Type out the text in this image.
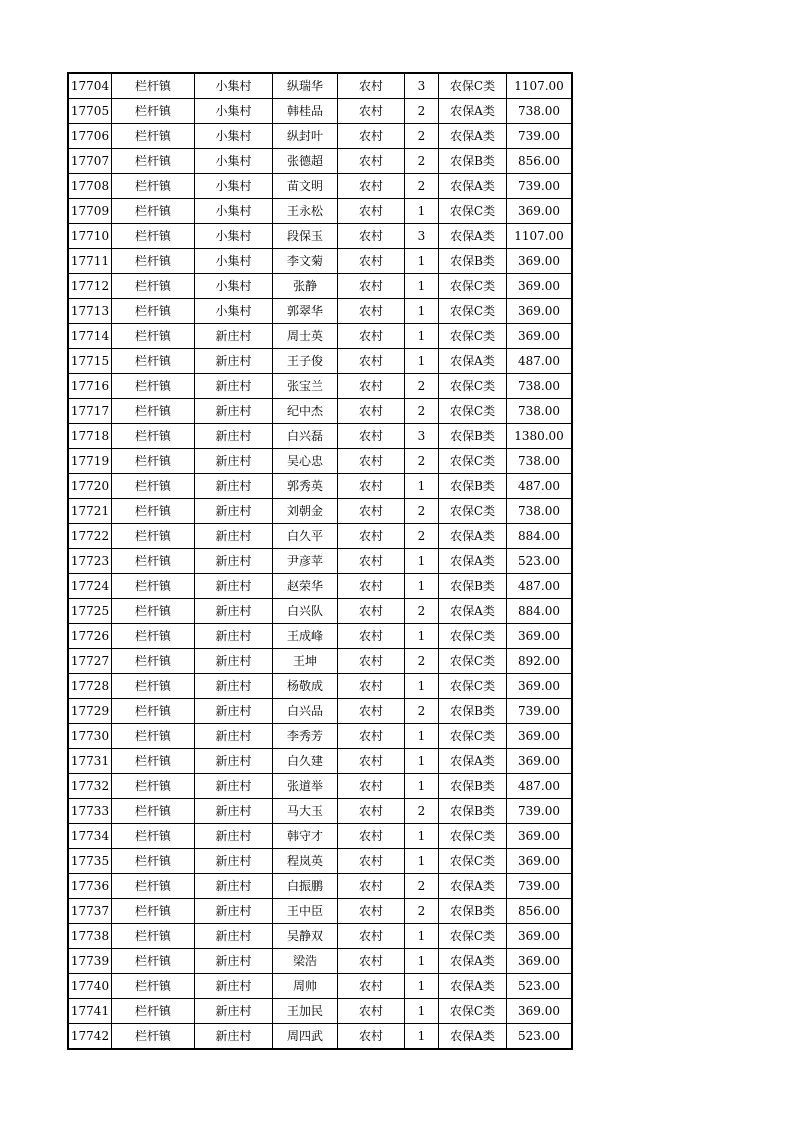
17704	栏杆镇	小集村	纵瑞华	农村	3	农保C类	1107.00
17705	栏杆镇	小集村	韩桂品	农村	2	农保A类	738.00
17706	栏杆镇	小集村	纵封叶	农村	2	农保A类	739.00
17707	栏杆镇	小集村	张德超	农村	2	农保B类	856.00
17708	栏杆镇	小集村	苗文明	农村	2	农保A类	739.00
17709	栏杆镇	小集村	王永松	农村	1	农保C类	369.00
17710	栏杆镇	小集村	段保玉	农村	3	农保A类	1107.00
17711	栏杆镇	小集村	李文菊	农村	1	农保B类	369.00
17712	栏杆镇	小集村	张静	农村	1	农保C类	369.00
17713	栏杆镇	小集村	郭翠华	农村	1	农保C类	369.00
17714	栏杆镇	新庄村	周士英	农村	1	农保C类	369.00
17715	栏杆镇	新庄村	王子俊	农村	1	农保A类	487.00
17716	栏杆镇	新庄村	张宝兰	农村	2	农保C类	738.00
17717	栏杆镇	新庄村	纪中杰	农村	2	农保C类	738.00
17718	栏杆镇	新庄村	白兴磊	农村	3	农保B类	1380.00
17719	栏杆镇	新庄村	吴心忠	农村	2	农保C类	738.00
17720	栏杆镇	新庄村	郭秀英	农村	1	农保B类	487.00
17721	栏杆镇	新庄村	刘朝金	农村	2	农保C类	738.00
17722	栏杆镇	新庄村	白久平	农村	2	农保A类	884.00
17723	栏杆镇	新庄村	尹彦苹	农村	1	农保A类	523.00
17724	栏杆镇	新庄村	赵荣华	农村	1	农保B类	487.00
17725	栏杆镇	新庄村	白兴队	农村	2	农保A类	884.00
17726	栏杆镇	新庄村	王成峰	农村	1	农保C类	369.00
17727	栏杆镇	新庄村	王坤	农村	2	农保C类	892.00
17728	栏杆镇	新庄村	杨敬成	农村	1	农保C类	369.00
17729	栏杆镇	新庄村	白兴品	农村	2	农保B类	739.00
17730	栏杆镇	新庄村	李秀芳	农村	1	农保C类	369.00
17731	栏杆镇	新庄村	白久建	农村	1	农保A类	369.00
17732	栏杆镇	新庄村	张道举	农村	1	农保B类	487.00
17733	栏杆镇	新庄村	马大玉	农村	2	农保B类	739.00
17734	栏杆镇	新庄村	韩守才	农村	1	农保C类	369.00
17735	栏杆镇	新庄村	程岚英	农村	1	农保C类	369.00
17736	栏杆镇	新庄村	白振鹏	农村	2	农保A类	739.00
17737	栏杆镇	新庄村	王中臣	农村	2	农保B类	856.00
17738	栏杆镇	新庄村	吴静双	农村	1	农保C类	369.00
17739	栏杆镇	新庄村	梁浩	农村	1	农保A类	369.00
17740	栏杆镇	新庄村	周帅	农村	1	农保A类	523.00
17741	栏杆镇	新庄村	王加民	农村	1	农保C类	369.00
17742	栏杆镇	新庄村	周四武	农村	1	农保A类	523.00
